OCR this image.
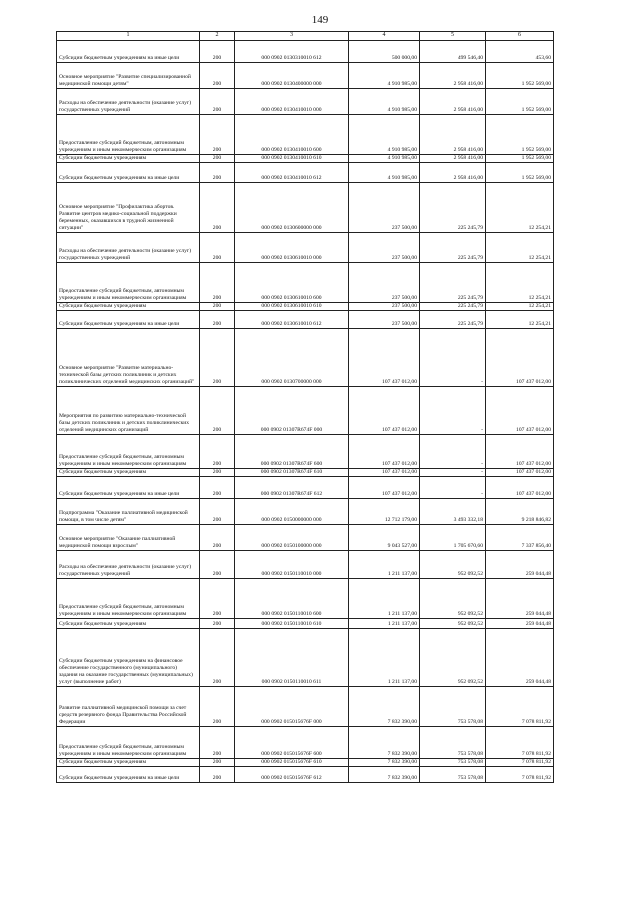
149
1	2	3	4	5	6
Субсидии бюджетным учреждениям на иные цели	200	000 0902 0130310010 612	500 000,00	499 546,40	453,60
Основное мероприятие "Развитие специализированной медицинской помощи детям"	200	000 0902 0130400000 000	4 910 985,00	2 958 416,00	1 952 569,00
Расходы на обеспечение деятельности (оказание услуг) государственных учреждений	200	000 0902 0130410010 000	4 910 985,00	2 958 416,00	1 952 569,00
Предоставление субсидий бюджетным, автономным учреждениям и иным некоммерческим организациям	200	000 0902 0130410010 600	4 910 985,00	2 958 416,00	1 952 569,00
Субсидии бюджетным учреждениям	200	000 0902 0130410010 610	4 910 985,00	2 958 416,00	1 952 569,00
Субсидии бюджетным учреждениям на иные цели	200	000 0902 0130410010 612	4 910 985,00	2 958 416,00	1 952 569,00
Основное мероприятие "Профилактика абортов. Развитие центров медико-социальной поддержки беременных, оказавшихся в трудной жизненной ситуации"	200	000 0902 0130600000 000	237 500,00	225 245,79	12 254,21
Расходы на обеспечение деятельности (оказание услуг) государственных учреждений	200	000 0902 0130610010 000	237 500,00	225 245,79	12 254,21
Предоставление субсидий бюджетным, автономным учреждениям и иным некоммерческим организациям	200	000 0902 0130610010 600	237 500,00	225 245,79	12 254,21
Субсидии бюджетным учреждениям	200	000 0902 0130610010 610	237 500,00	225 245,79	12 254,21
Субсидии бюджетным учреждениям на иные цели	200	000 0902 0130610010 612	237 500,00	225 245,79	12 254,21
Основное мероприятие "Развитие материально-технической базы детских поликлиник и детских поликлинических отделений медицинских организаций"	200	000 0902 0130700000 000	107 437 012,00	-	107 437 012,00
Мероприятия по развитию материально-технической базы детских поликлиник и детских поликлинических отделений медицинских организаций	200	000 0902 01307R674F 000	107 437 012,00	-	107 437 012,00
Предоставление субсидий бюджетным, автономным учреждениям и иным некоммерческим организациям	200	000 0902 01307R674F 600	107 437 012,00	-	107 437 012,00
Субсидии бюджетным учреждениям	200	000 0902 01307R674F 610	107 437 012,00	-	107 437 012,00
Субсидии бюджетным учреждениям на иные цели	200	000 0902 01307R674F 612	107 437 012,00	-	107 437 012,00
Подпрограмма "Оказание паллиативной медицинской помощи, в том числе детям"	200	000 0902 0150000000 000	12 712 179,00	3 493 332,18	9 218 846,82
Основное мероприятие "Оказание паллиативной медицинской помощи взрослым"	200	000 0902 0150100000 000	9 043 527,00	1 705 670,60	7 337 856,40
Расходы на обеспечение деятельности (оказание услуг) государственных учреждений	200	000 0902 0150110010 000	1 211 137,00	952 092,52	259 044,48
Предоставление субсидий бюджетным, автономным учреждениям и иным некоммерческим организациям	200	000 0902 0150110010 600	1 211 137,00	952 092,52	259 044,48
Субсидии бюджетным учреждениям	200	000 0902 0150110010 610	1 211 137,00	952 092,52	259 044,48
Субсидии бюджетным учреждениям на финансовое обеспечение государственного (муниципального) задания на оказание государственных (муниципальных) услуг (выполнение работ)	200	000 0902 0150110010 611	1 211 137,00	952 092,52	259 044,48
Развитие паллиативной медицинской помощи за счет средств резервного фонда Правительства Российской Федерации	200	000 0902 015015676F 000	7 832 390,00	753 578,08	7 078 811,92
Предоставление субсидий бюджетным, автономным учреждениям и иным некоммерческим организациям	200	000 0902 015015676F 600	7 832 390,00	753 578,08	7 078 811,92
Субсидии бюджетным учреждениям	200	000 0902 015015676F 610	7 832 390,00	753 578,08	7 078 811,92
Субсидии бюджетным учреждениям на иные цели	200	000 0902 015015676F 612	7 832 390,00	753 578,08	7 078 811,92
